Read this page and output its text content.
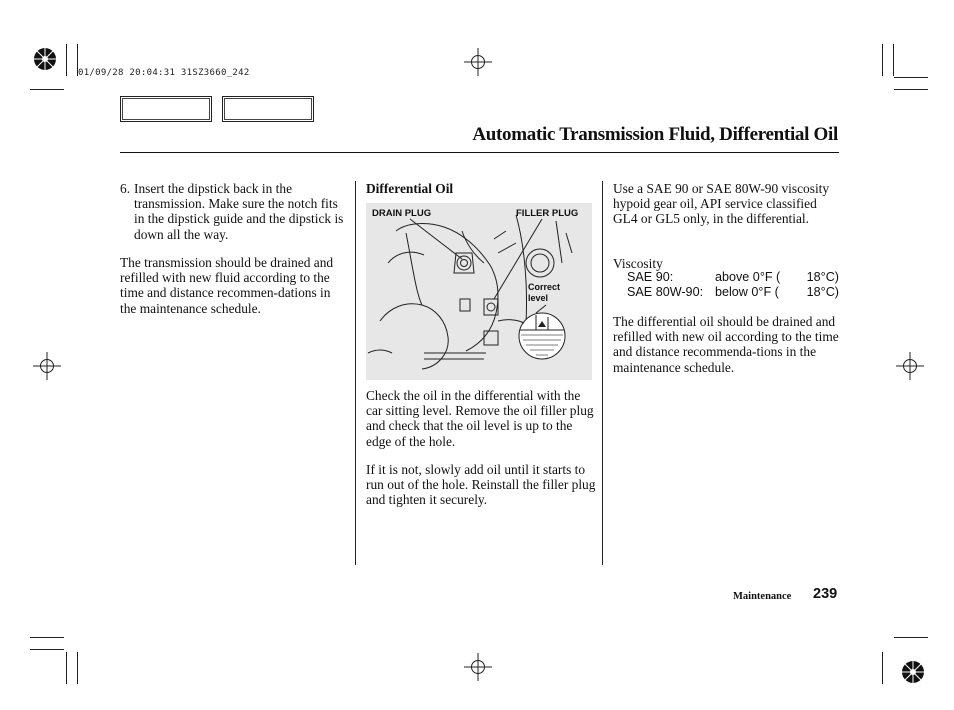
01/09/28 20:04:31 31SZ3660_242
Automatic Transmission Fluid, Differential Oil
6. Insert the dipstick back in the transmission. Make sure the notch fits in the dipstick guide and the dipstick is down all the way.
The transmission should be drained and refilled with new fluid according to the time and distance recommen-dations in the maintenance schedule.
Differential Oil
DRAIN PLUG	FILLER PLUG
Correct
level
Check the oil in the differential with the car sitting level. Remove the oil filler plug and check that the oil level is up to the edge of the hole.
If it is not, slowly add oil until it starts to run out of the hole. Reinstall the filler plug and tighten it securely.
Use a SAE 90 or SAE 80W-90 viscosity hypoid gear oil, API service classified GL4 or GL5 only, in the differential.
Viscosity
SAE 90:	above 0°F ( 18°C)
SAE 80W-90: below 0°F ( 18°C)
The differential oil should be drained and refilled with new oil according to the time and distance recommenda-tions in the maintenance schedule.
Maintenance 239
